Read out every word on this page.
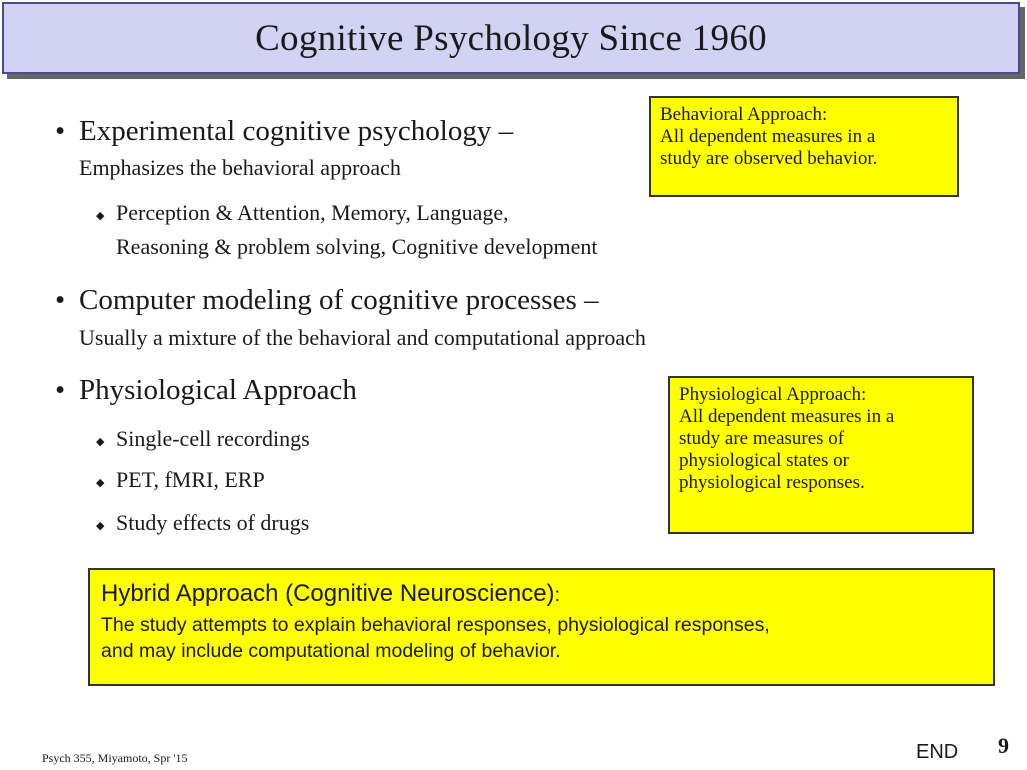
Cognitive Psychology Since 1960
• Experimental cognitive psychology –
Emphasizes the behavioral approach
◆ Perception & Attention, Memory, Language,
Reasoning & problem solving, Cognitive development
• Computer modeling of cognitive processes –
Usually a mixture of the behavioral and computational approach
• Physiological Approach
◆ Single-cell recordings
◆ PET, fMRI, ERP
◆ Study effects of drugs
Behavioral Approach:
All dependent measures in a
study are observed behavior.
Physiological Approach:
All dependent measures in a
study are measures of
physiological states or
physiological responses.
Hybrid Approach (Cognitive Neuroscience):
The study attempts to explain behavioral responses, physiological responses,
and may include computational modeling of behavior.
Psych 355, Miyamoto, Spr '15	END 9
